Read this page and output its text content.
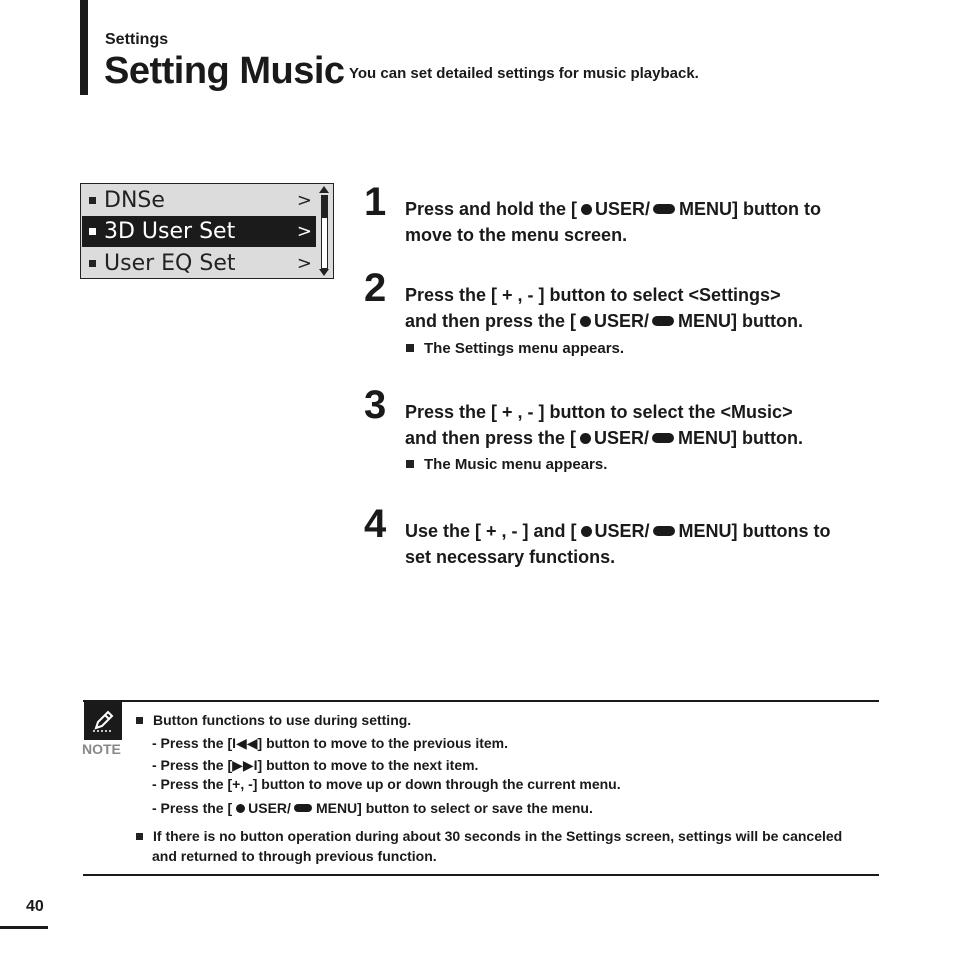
Settings
Setting Music You can set detailed settings for music playback.
DNSe	>
3D User Set	>
User EQ Set	>
1 Press and hold the [ USER/ MENU] button to
move to the menu screen.
2 Press the [ + , - ] button to select <Settings>
and then press the [ USER/ MENU] button.
The Settings menu appears.
3 Press the [ + , - ] button to select the <Music>
and then press the [ USER/ MENU] button.
The Music menu appears.
4 Use the [ + , - ] and [ USER/ MENU] buttons to
set necessary functions.
NOTE
Button functions to use during setting.
- Press the [I◀◀] button to move to the previous item.
- Press the [▶▶I] button to move to the next item.
- Press the [+, -] button to move up or down through the current menu.
- Press the [ USER/ MENU] button to select or save the menu.
If there is no button operation during about 30 seconds in the Settings screen, settings will be canceled
and returned to through previous function.
40
